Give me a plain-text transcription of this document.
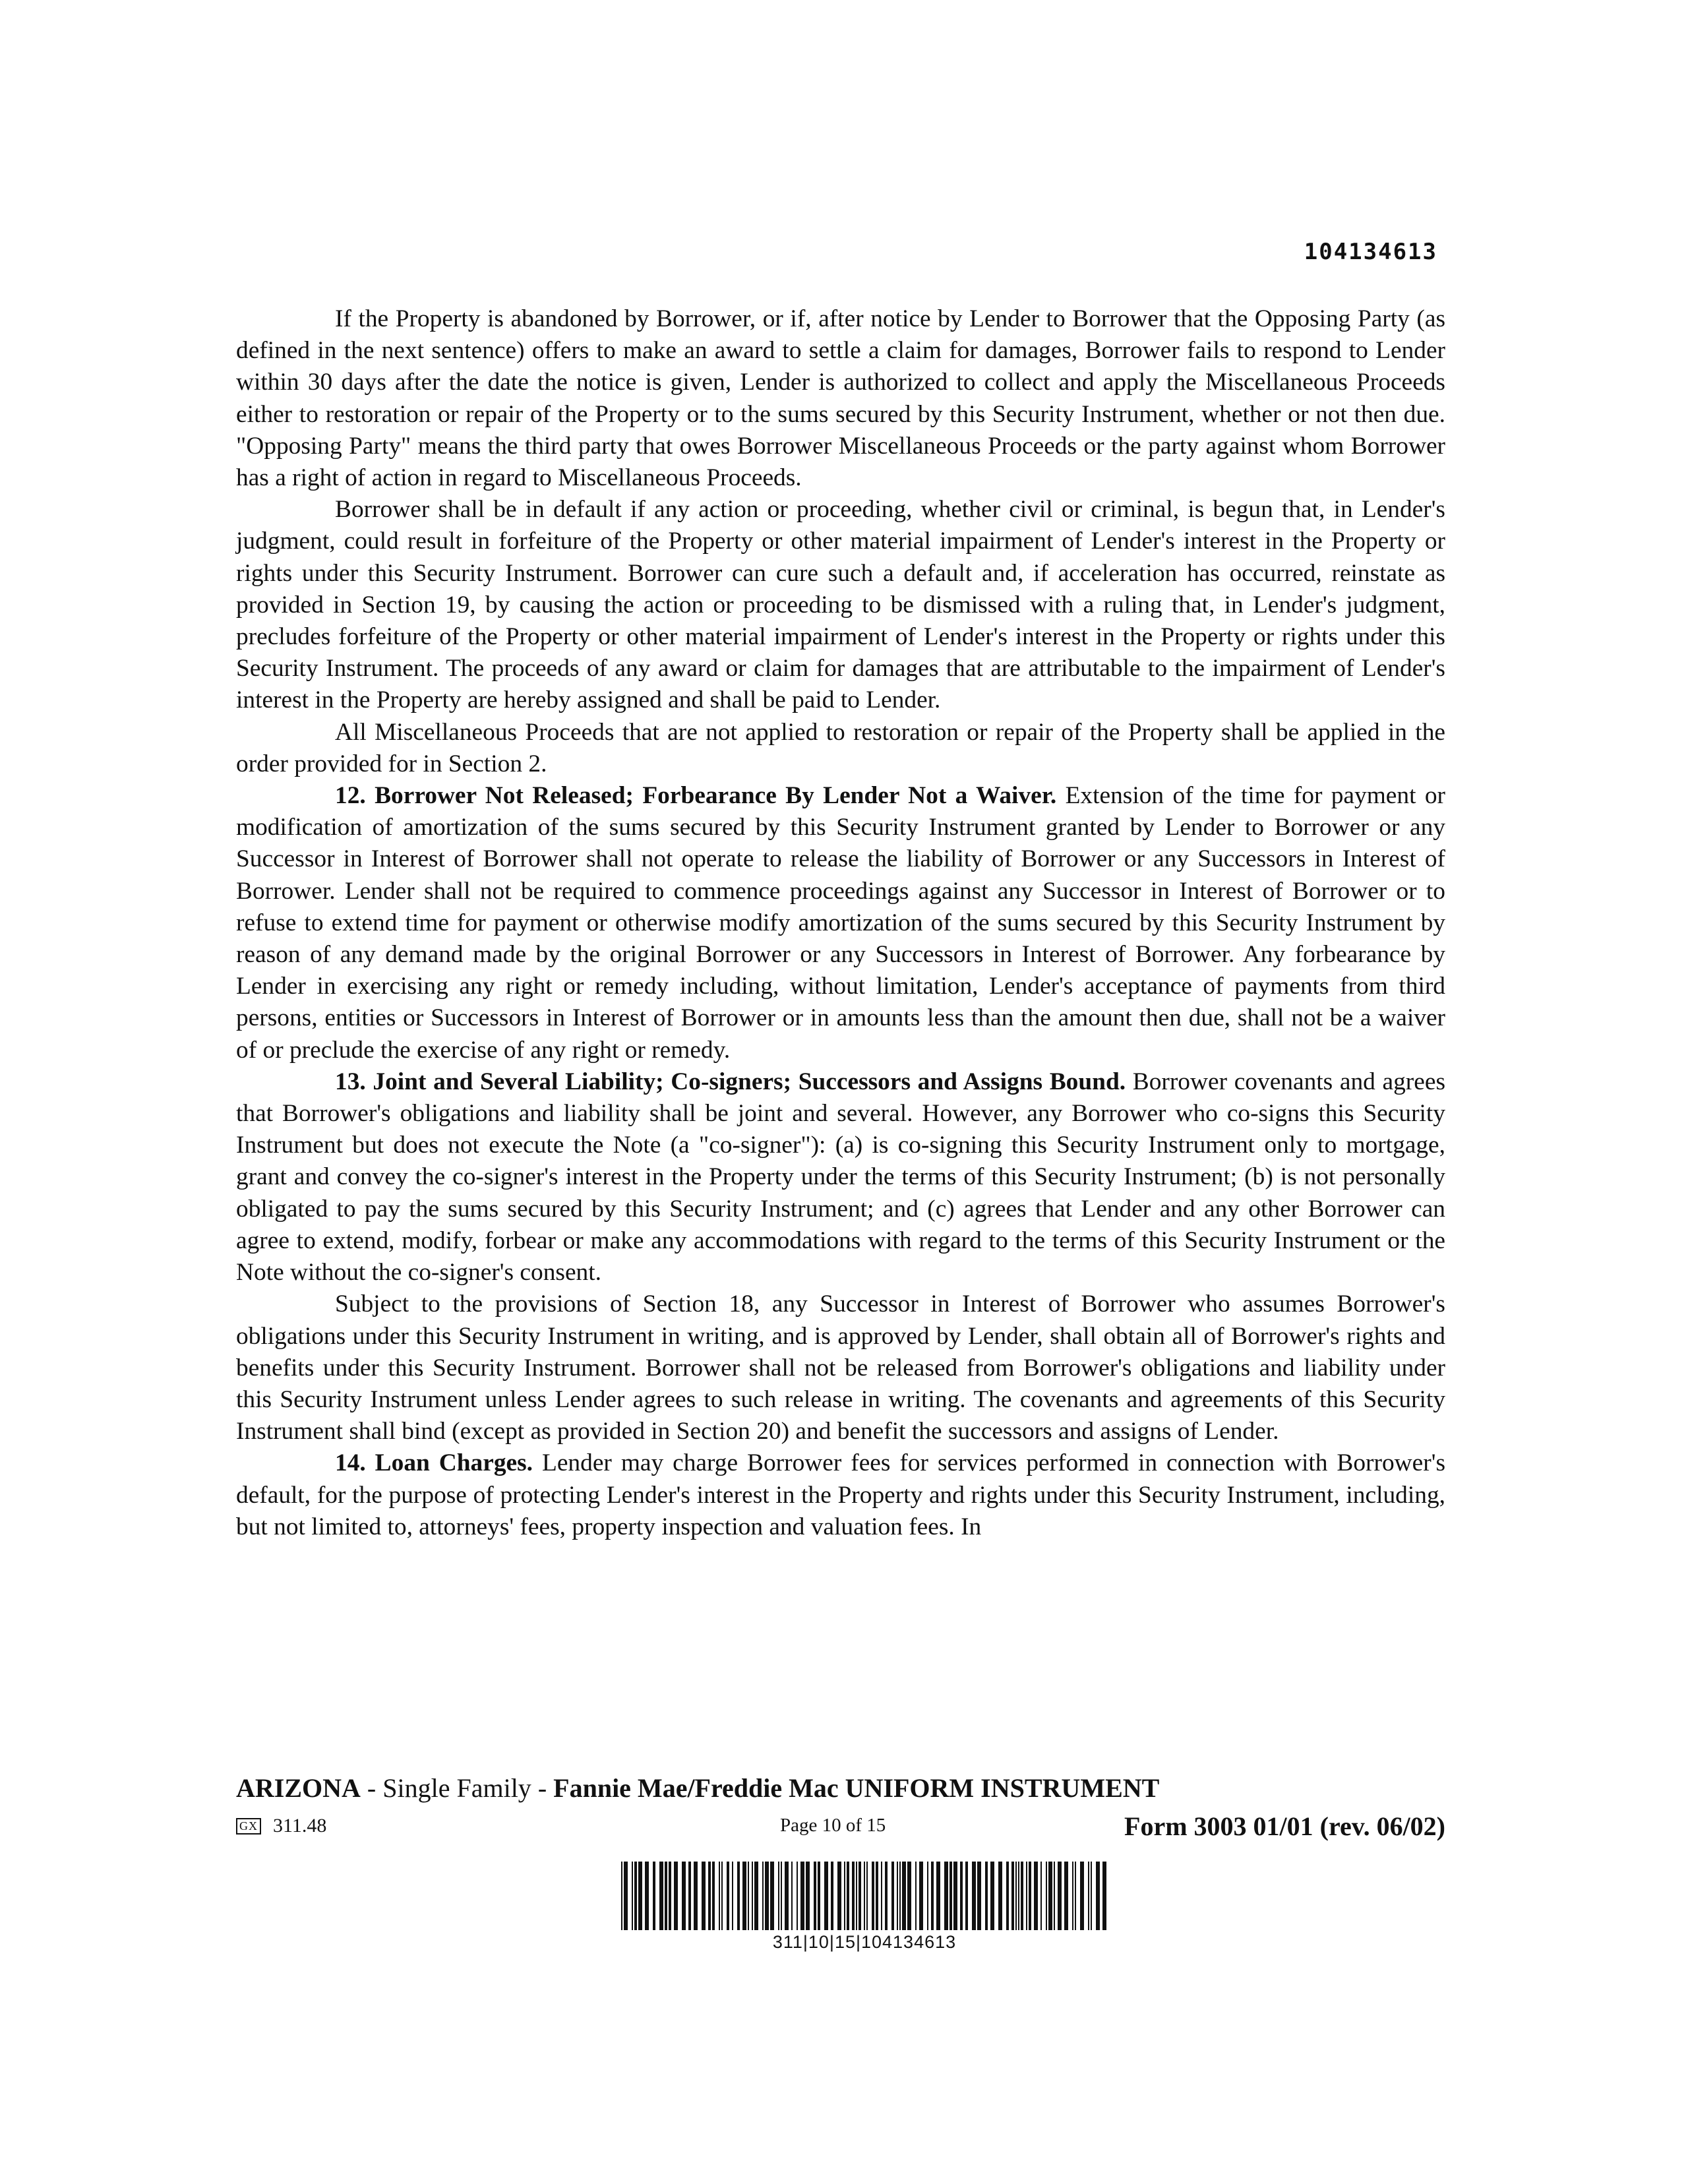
104134613

If the Property is abandoned by Borrower, or if, after notice by Lender to Borrower that the Opposing Party (as defined in the next sentence) offers to make an award to settle a claim for damages, Borrower fails to respond to Lender within 30 days after the date the notice is given, Lender is authorized to collect and apply the Miscellaneous Proceeds either to restoration or repair of the Property or to the sums secured by this Security Instrument, whether or not then due. "Opposing Party" means the third party that owes Borrower Miscellaneous Proceeds or the party against whom Borrower has a right of action in regard to Miscellaneous Proceeds.

Borrower shall be in default if any action or proceeding, whether civil or criminal, is begun that, in Lender's judgment, could result in forfeiture of the Property or other material impairment of Lender's interest in the Property or rights under this Security Instrument. Borrower can cure such a default and, if acceleration has occurred, reinstate as provided in Section 19, by causing the action or proceeding to be dismissed with a ruling that, in Lender's judgment, precludes forfeiture of the Property or other material impairment of Lender's interest in the Property or rights under this Security Instrument. The proceeds of any award or claim for damages that are attributable to the impairment of Lender's interest in the Property are hereby assigned and shall be paid to Lender.

All Miscellaneous Proceeds that are not applied to restoration or repair of the Property shall be applied in the order provided for in Section 2.

12. Borrower Not Released; Forbearance By Lender Not a Waiver. Extension of the time for payment or modification of amortization of the sums secured by this Security Instrument granted by Lender to Borrower or any Successor in Interest of Borrower shall not operate to release the liability of Borrower or any Successors in Interest of Borrower. Lender shall not be required to commence proceedings against any Successor in Interest of Borrower or to refuse to extend time for payment or otherwise modify amortization of the sums secured by this Security Instrument by reason of any demand made by the original Borrower or any Successors in Interest of Borrower. Any forbearance by Lender in exercising any right or remedy including, without limitation, Lender's acceptance of payments from third persons, entities or Successors in Interest of Borrower or in amounts less than the amount then due, shall not be a waiver of or preclude the exercise of any right or remedy.

13. Joint and Several Liability; Co-signers; Successors and Assigns Bound. Borrower covenants and agrees that Borrower's obligations and liability shall be joint and several. However, any Borrower who co-signs this Security Instrument but does not execute the Note (a "co-signer"): (a) is co-signing this Security Instrument only to mortgage, grant and convey the co-signer's interest in the Property under the terms of this Security Instrument; (b) is not personally obligated to pay the sums secured by this Security Instrument; and (c) agrees that Lender and any other Borrower can agree to extend, modify, forbear or make any accommodations with regard to the terms of this Security Instrument or the Note without the co-signer's consent.

Subject to the provisions of Section 18, any Successor in Interest of Borrower who assumes Borrower's obligations under this Security Instrument in writing, and is approved by Lender, shall obtain all of Borrower's rights and benefits under this Security Instrument. Borrower shall not be released from Borrower's obligations and liability under this Security Instrument unless Lender agrees to such release in writing. The covenants and agreements of this Security Instrument shall bind (except as provided in Section 20) and benefit the successors and assigns of Lender.

14. Loan Charges. Lender may charge Borrower fees for services performed in connection with Borrower's default, for the purpose of protecting Lender's interest in the Property and rights under this Security Instrument, including, but not limited to, attorneys' fees, property inspection and valuation fees. In

ARIZONA - Single Family - Fannie Mae/Freddie Mac UNIFORM INSTRUMENT
GX 311.48	Page 10 of 15	Form 3003 01/01 (rev. 06/02)
311|10|15|104134613
